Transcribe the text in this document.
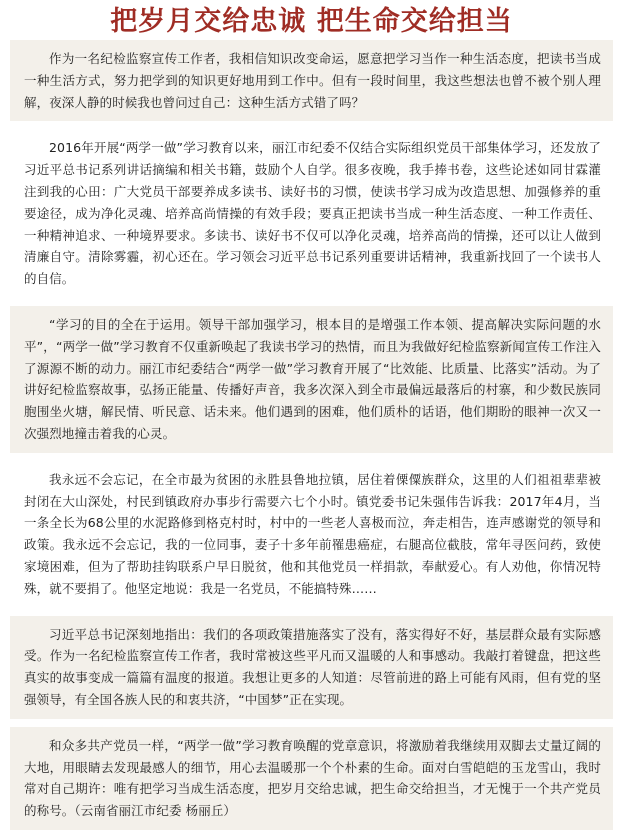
把岁月交给忠诚 把生命交给担当

作为一名纪检监察宣传工作者，我相信知识改变命运，愿意把学习当作一种生活态度，把读书当成一种生活方式，努力把学到的知识更好地用到工作中。但有一段时间里，我这些想法也曾不被个别人理解，夜深人静的时候我也曾问过自己：这种生活方式错了吗？

2016年开展“两学一做”学习教育以来，丽江市纪委不仅结合实际组织党员干部集体学习，还发放了习近平总书记系列讲话摘编和相关书籍，鼓励个人自学。很多夜晚，我手捧书卷，这些论述如同甘霖灌注到我的心田：广大党员干部要养成多读书、读好书的习惯，使读书学习成为改造思想、加强修养的重要途径，成为净化灵魂、培养高尚情操的有效手段；要真正把读书当成一种生活态度、一种工作责任、一种精神追求、一种境界要求。多读书、读好书不仅可以净化灵魂，培养高尚的情操，还可以让人做到清廉自守。清除雾霾，初心还在。学习领会习近平总书记系列重要讲话精神，我重新找回了一个读书人的自信。

“学习的目的全在于运用。领导干部加强学习，根本目的是增强工作本领、提高解决实际问题的水平”，“两学一做”学习教育不仅重新唤起了我读书学习的热情，而且为我做好纪检监察新闻宣传工作注入了源源不断的动力。丽江市纪委结合“两学一做”学习教育开展了“比效能、比质量、比落实”活动。为了讲好纪检监察故事，弘扬正能量、传播好声音，我多次深入到全市最偏远最落后的村寨，和少数民族同胞围坐火塘，解民情、听民意、话未来。他们遇到的困难，他们质朴的话语，他们期盼的眼神一次又一次强烈地撞击着我的心灵。

我永远不会忘记，在全市最为贫困的永胜县鲁地拉镇，居住着傈僳族群众，这里的人们祖祖辈辈被封闭在大山深处，村民到镇政府办事步行需要六七个小时。镇党委书记朱强伟告诉我：2017年4月，当一条全长为68公里的水泥路修到格克村时，村中的一些老人喜极而泣，奔走相告，连声感谢党的领导和政策。我永远不会忘记，我的一位同事，妻子十多年前罹患癌症，右腿高位截肢，常年寻医问药，致使家境困难，但为了帮助挂钩联系户早日脱贫，他和其他党员一样捐款，奉献爱心。有人劝他，你情况特殊，就不要捐了。他坚定地说：我是一名党员，不能搞特殊……

习近平总书记深刻地指出：我们的各项政策措施落实了没有，落实得好不好，基层群众最有实际感受。作为一名纪检监察宣传工作者，我时常被这些平凡而又温暖的人和事感动。我敲打着键盘，把这些真实的故事变成一篇篇有温度的报道。我想让更多的人知道：尽管前进的路上可能有风雨，但有党的坚强领导，有全国各族人民的和衷共济，“中国梦”正在实现。

和众多共产党员一样，“两学一做”学习教育唤醒的党章意识，将激励着我继续用双脚去丈量辽阔的大地，用眼睛去发现最感人的细节，用心去温暖那一个个朴素的生命。面对白雪皑皑的玉龙雪山，我时常对自己期许：唯有把学习当成生活态度，把岁月交给忠诚，把生命交给担当，才无愧于一个共产党员的称号。（云南省丽江市纪委 杨丽丘）
